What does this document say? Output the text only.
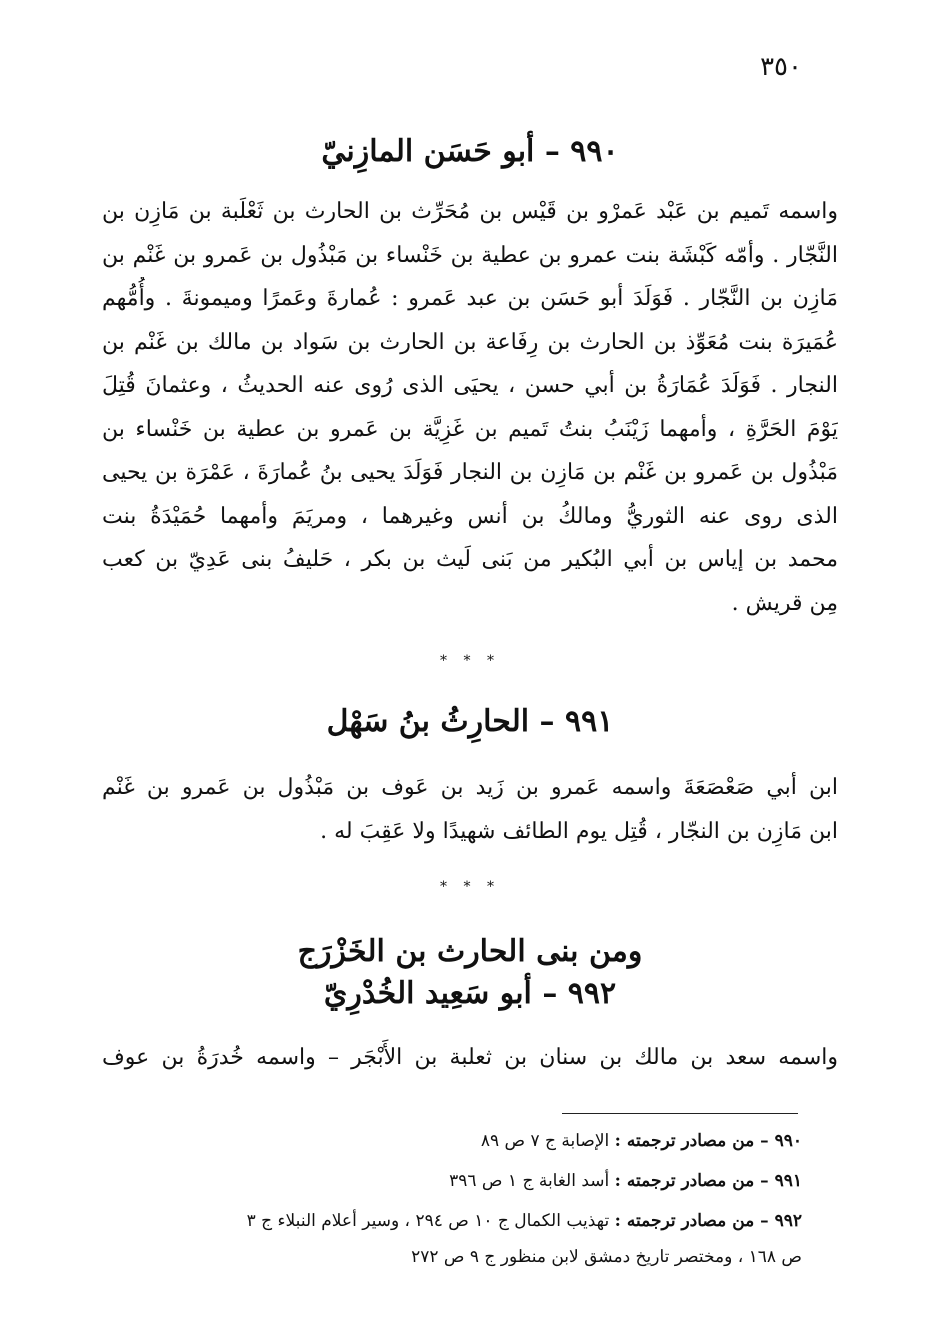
٣٥٠
٩٩٠ – أبو حَسَن المازِنيّ
واسمه تَميم بن عَبْد عَمرْو بن قَيْس بن مُحَرِّث بن الحارث بن ثَعْلَبة بن مَازِن بن
النَّجّار . وأمّه كَبْشَة بنت عمرو بن عطية بن خَنْساء بن مَبْذُول بن عَمرو بن غَنْم بن
مَازِن بن النَّجّار . فَوَلَدَ أبو حَسَن بن عبد عَمرو : عُمارةَ وعَمرًا وميمونةَ . وأُمُّهم
عُمَيرَة بنت مُعَوِّذ بن الحارث بن رِفَاعة بن الحارث بن سَواد بن مالك بن غَنْم بن
النجار . فَوَلَدَ عُمَارَةُ بن أبي حسن ، يحيَى الذى رُوى عنه الحديثُ ، وعثمانَ قُتِلَ
يَوْمَ الحَرَّةِ ، وأمهما زَيْنَبُ بنتُ تَميم بن غَزِيَّة بن عَمرو بن عطية بن خَنْساء بن
مَبْذُول بن عَمرو بن غَنْم بن مَازِن بن النجار فَوَلَدَ يحيى بنُ عُمارَةَ ، عَمْرَة بن يحيى
الذى روى عنه الثوريُّ ومالكُ بن أنس وغيرهما ، ومريَمَ وأمهما حُمَيْدَةُ بنت
محمد بن إياس بن أبي البُكير من بَنى لَيث بن بكر ، حَليفُ بنى عَدِيّ بن كعب
مِن قريش .
* * *
٩٩١ – الحارِثُ بنُ سَهْل
ابن أبي صَعْصَعَةَ واسمه عَمرو بن زَيد بن عَوف بن مَبْذُول بن عَمرو بن غَنْم
ابن مَازِن بن النجّار ، قُتِل يوم الطائف شهيدًا ولا عَقِبَ له .
* * *
ومن بنى الحارث بن الخَزْرَج
٩٩٢ – أبو سَعِيد الخُدْرِيّ
واسمه سعد بن مالك بن سنان بن ثعلبة بن الأَبْجَر – واسمه خُدرَةُ بن عوف
٩٩٠ – من مصادر ترجمته : الإصابة ج ٧ ص ٨٩
٩٩١ – من مصادر ترجمته : أسد الغابة ج ١ ص ٣٩٦
٩٩٢ – من مصادر ترجمته : تهذيب الكمال ج ١٠ ص ٢٩٤ ، وسير أعلام النبلاء ج ٣
ص ١٦٨ ، ومختصر تاريخ دمشق لابن منظور ج ٩ ص ٢٧٢
